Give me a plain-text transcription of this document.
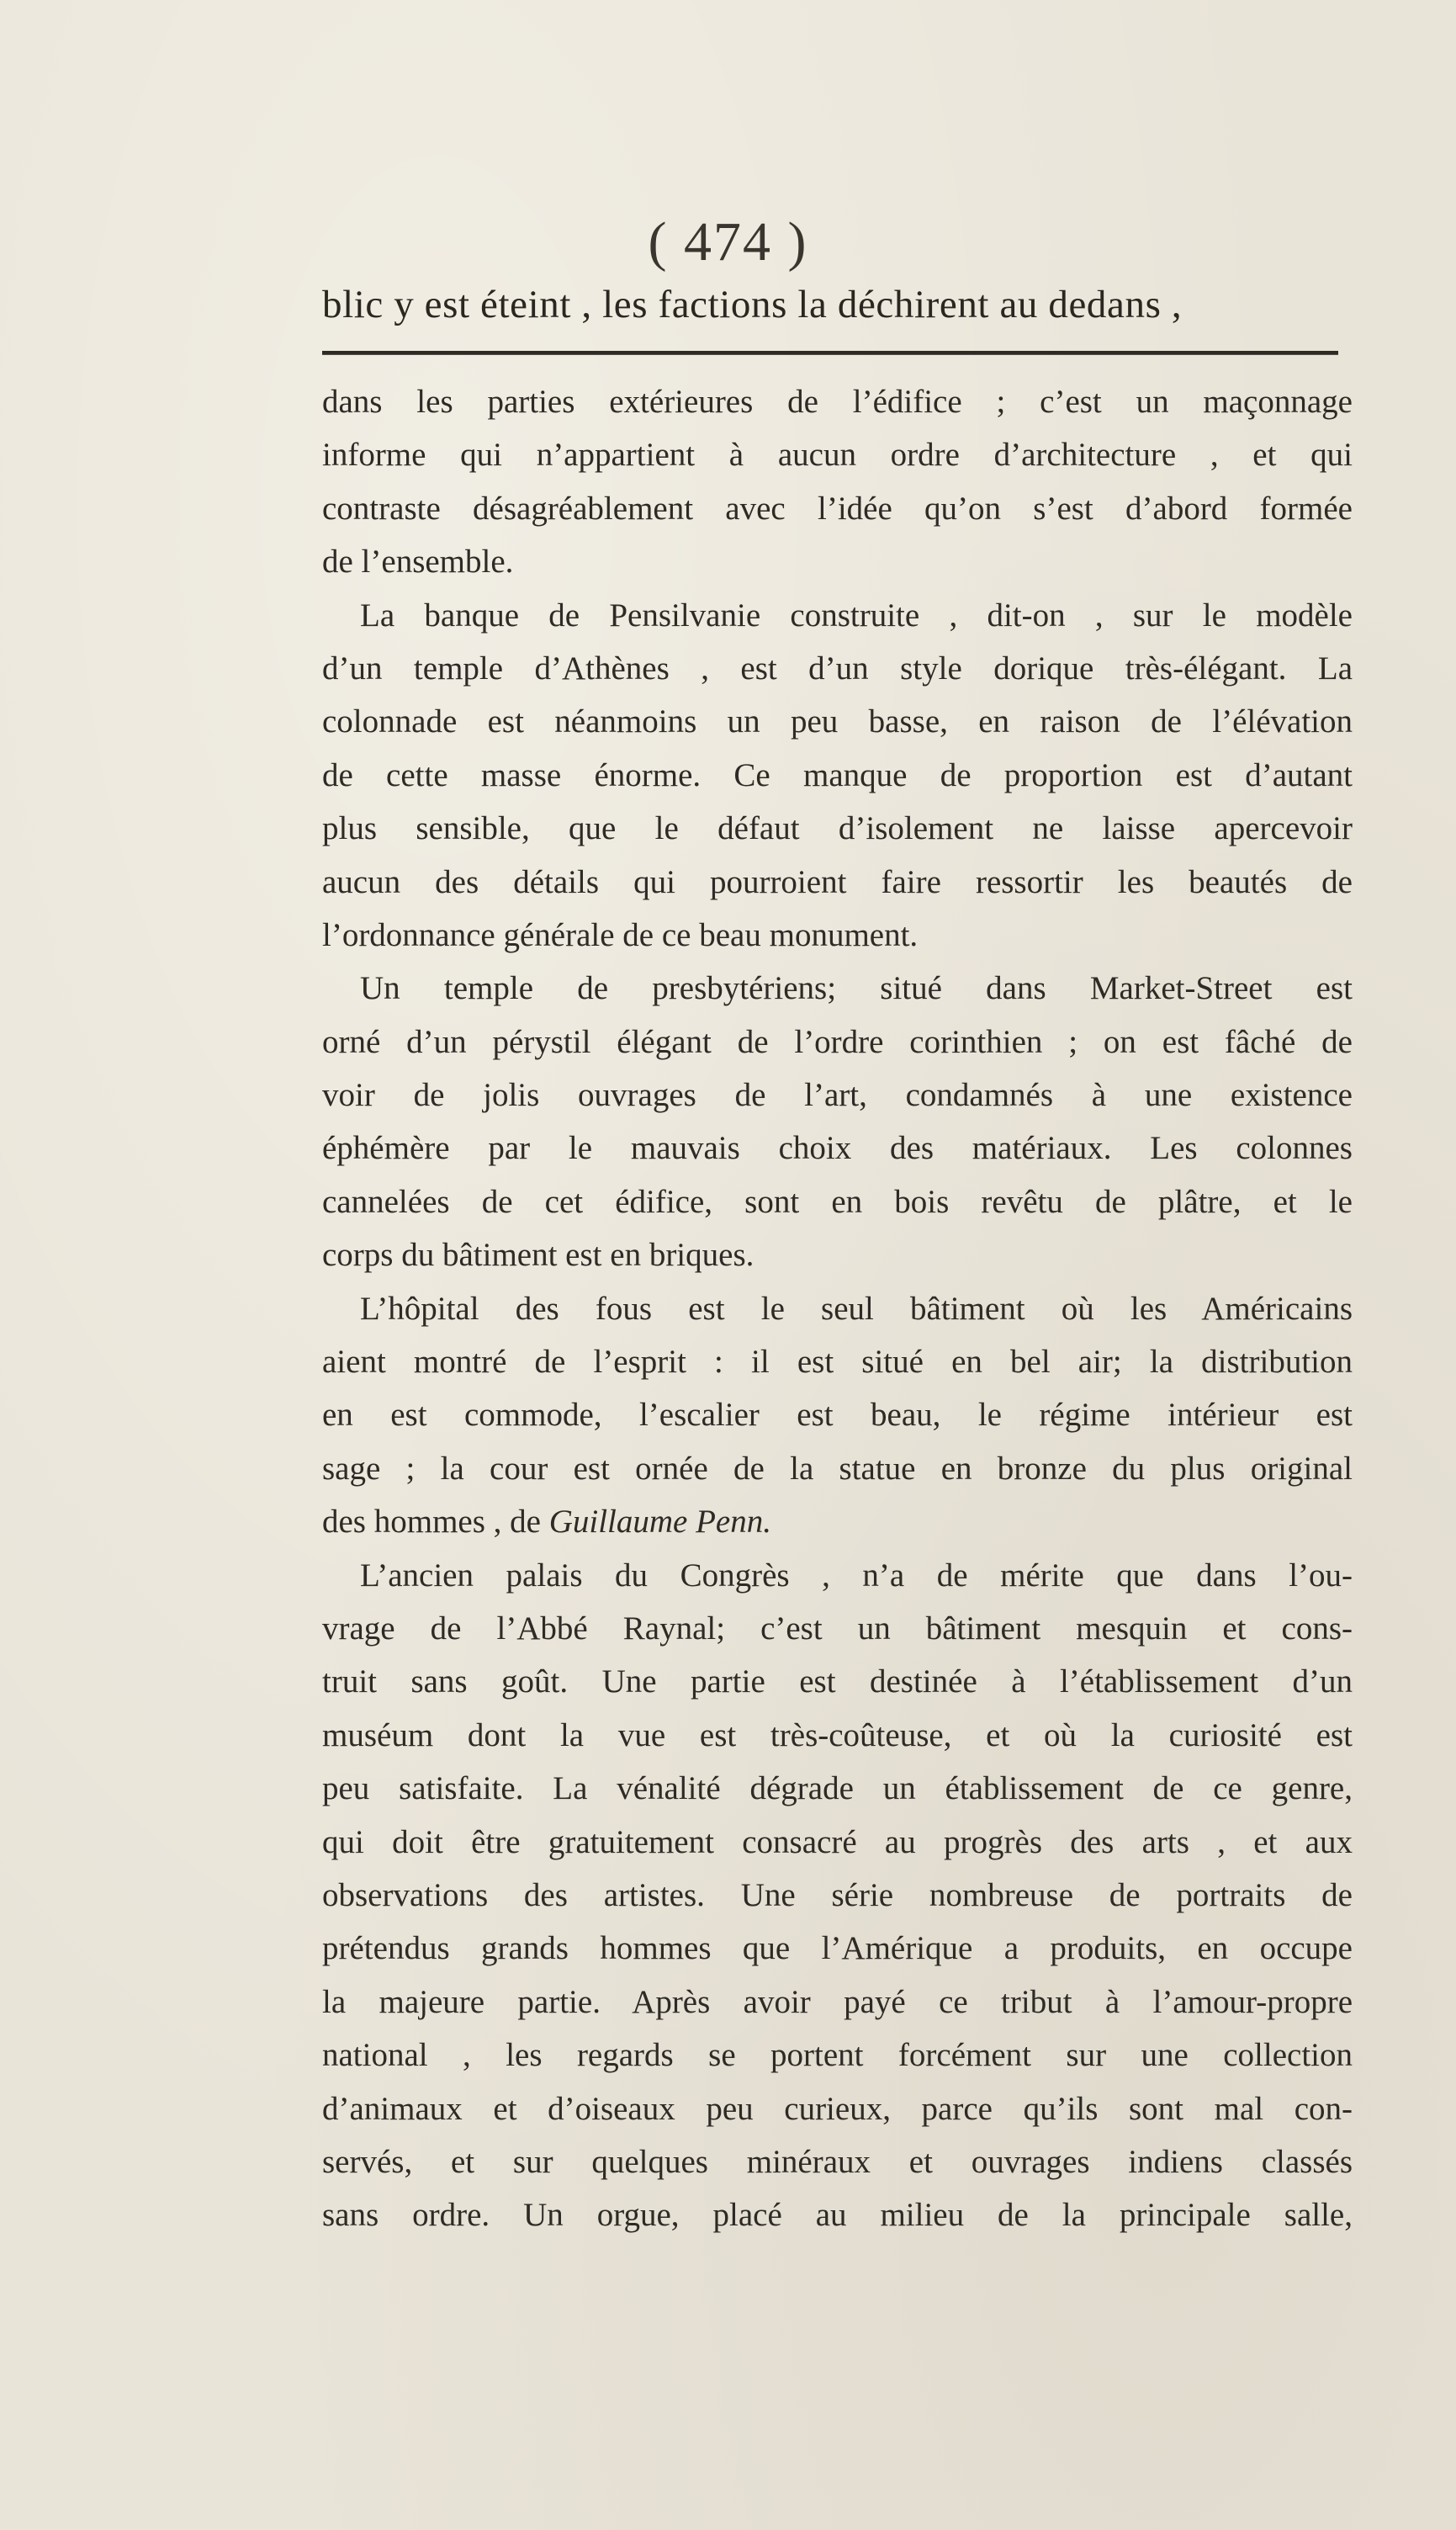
( 474 )
blic y est éteint , les factions la déchirent au dedans ,
dans les parties extérieures de l’édifice ; c’est un maçonnage
informe qui n’appartient à aucun ordre d’architecture , et qui
contraste désagréablement avec l’idée qu’on s’est d’abord formée
de l’ensemble.
La banque de Pensilvanie construite , dit-on , sur le modèle
d’un temple d’Athènes , est d’un style dorique très-élégant. La
colonnade est néanmoins un peu basse, en raison de l’élévation
de cette masse énorme. Ce manque de proportion est d’autant
plus sensible, que le défaut d’isolement ne laisse apercevoir
aucun des détails qui pourroient faire ressortir les beautés de
l’ordonnance générale de ce beau monument.
Un temple de presbytériens; situé dans Market-Street est
orné d’un pérystil élégant de l’ordre corinthien ; on est fâché de
voir de jolis ouvrages de l’art, condamnés à une existence
éphémère par le mauvais choix des matériaux. Les colonnes
cannelées de cet édifice, sont en bois revêtu de plâtre, et le
corps du bâtiment est en briques.
L’hôpital des fous est le seul bâtiment où les Américains
aient montré de l’esprit : il est situé en bel air; la distribution
en est commode, l’escalier est beau, le régime intérieur est
sage ; la cour est ornée de la statue en bronze du plus original
des hommes , de Guillaume Penn.
L’ancien palais du Congrès , n’a de mérite que dans l’ou-
vrage de l’Abbé Raynal; c’est un bâtiment mesquin et cons-
truit sans goût. Une partie est destinée à l’établissement d’un
muséum dont la vue est très-coûteuse, et où la curiosité est
peu satisfaite. La vénalité dégrade un établissement de ce genre,
qui doit être gratuitement consacré au progrès des arts , et aux
observations des artistes. Une série nombreuse de portraits de
prétendus grands hommes que l’Amérique a produits, en occupe
la majeure partie. Après avoir payé ce tribut à l’amour-propre
national , les regards se portent forcément sur une collection
d’animaux et d’oiseaux peu curieux, parce qu’ils sont mal con-
servés, et sur quelques minéraux et ouvrages indiens classés
sans ordre. Un orgue, placé au milieu de la principale salle,
